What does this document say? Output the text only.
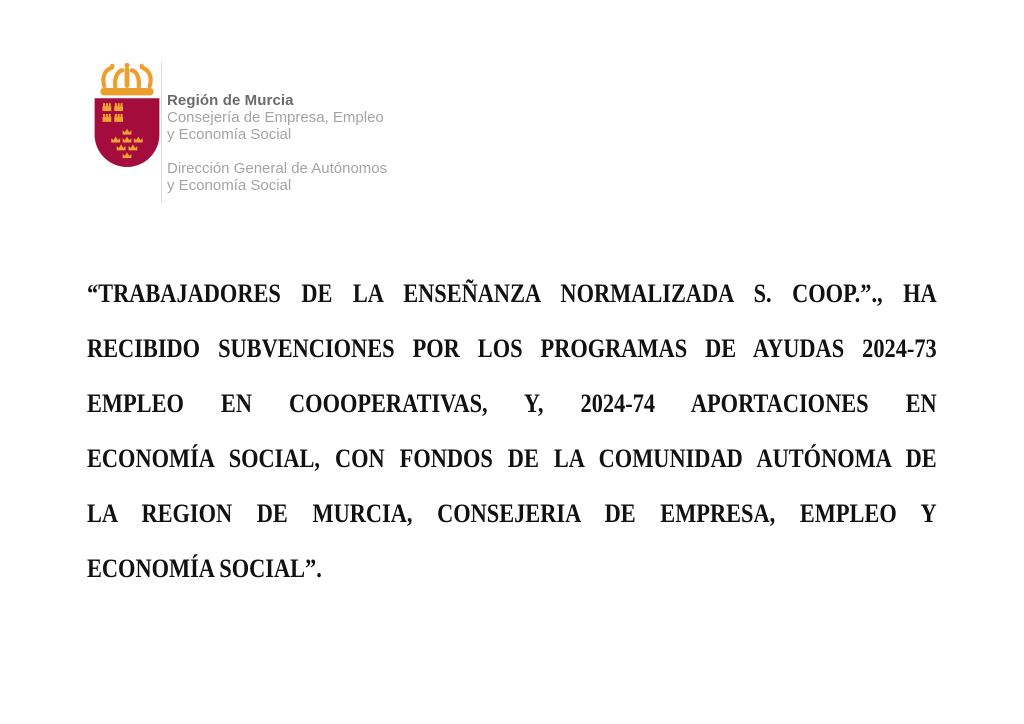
Región de Murcia
Consejería de Empresa, Empleo
y Economía Social
Dirección General de Autónomos
y Economía Social
“TRABAJADORES DE LA ENSEÑANZA NORMALIZADA S. COOP.”., HA
RECIBIDO SUBVENCIONES POR LOS PROGRAMAS DE AYUDAS 2024-73
EMPLEO EN COOOPERATIVAS, Y, 2024-74 APORTACIONES EN
ECONOMÍA SOCIAL, CON FONDOS DE LA COMUNIDAD AUTÓNOMA DE
LA REGION DE MURCIA, CONSEJERIA DE EMPRESA, EMPLEO Y
ECONOMÍA SOCIAL”.
